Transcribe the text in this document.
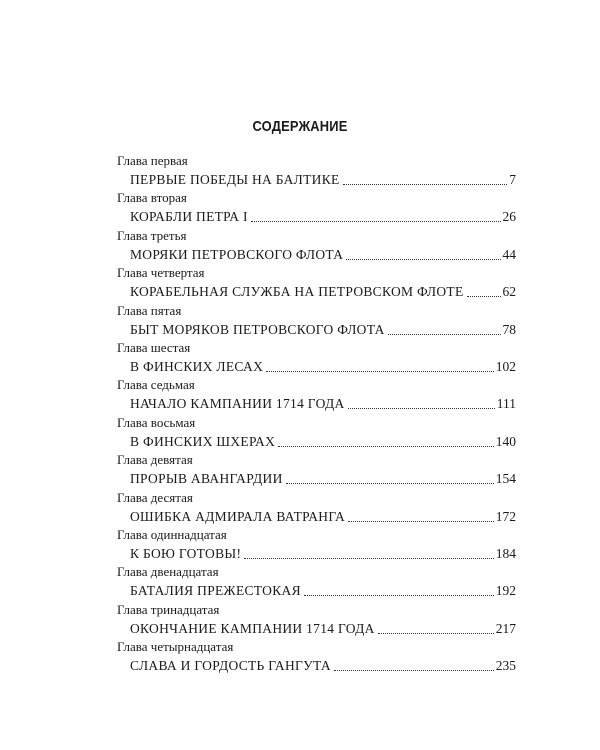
СОДЕРЖАНИЕ
Глава первая
ПЕРВЫЕ ПОБЕДЫ НА БАЛТИКЕ	7
Глава вторая
КОРАБЛИ ПЕТРА I	26
Глава третья
МОРЯКИ ПЕТРОВСКОГО ФЛОТА	44
Глава четвертая
КОРАБЕЛЬНАЯ СЛУЖБА НА ПЕТРОВСКОМ ФЛОТЕ	62
Глава пятая
БЫТ МОРЯКОВ ПЕТРОВСКОГО ФЛОТА	78
Глава шестая
В ФИНСКИХ ЛЕСАХ	102
Глава седьмая
НАЧАЛО КАМПАНИИ 1714 ГОДА	111
Глава восьмая
В ФИНСКИХ ШХЕРАХ	140
Глава девятая
ПРОРЫВ АВАНГАРДИИ	154
Глава десятая
ОШИБКА АДМИРАЛА ВАТРАНГА	172
Глава одиннадцатая
К БОЮ ГОТОВЫ!	184
Глава двенадцатая
БАТАЛИЯ ПРЕЖЕСТОКАЯ	192
Глава тринадцатая
ОКОНЧАНИЕ КАМПАНИИ 1714 ГОДА	217
Глава четырнадцатая
СЛАВА И ГОРДОСТЬ ГАНГУТА	235
